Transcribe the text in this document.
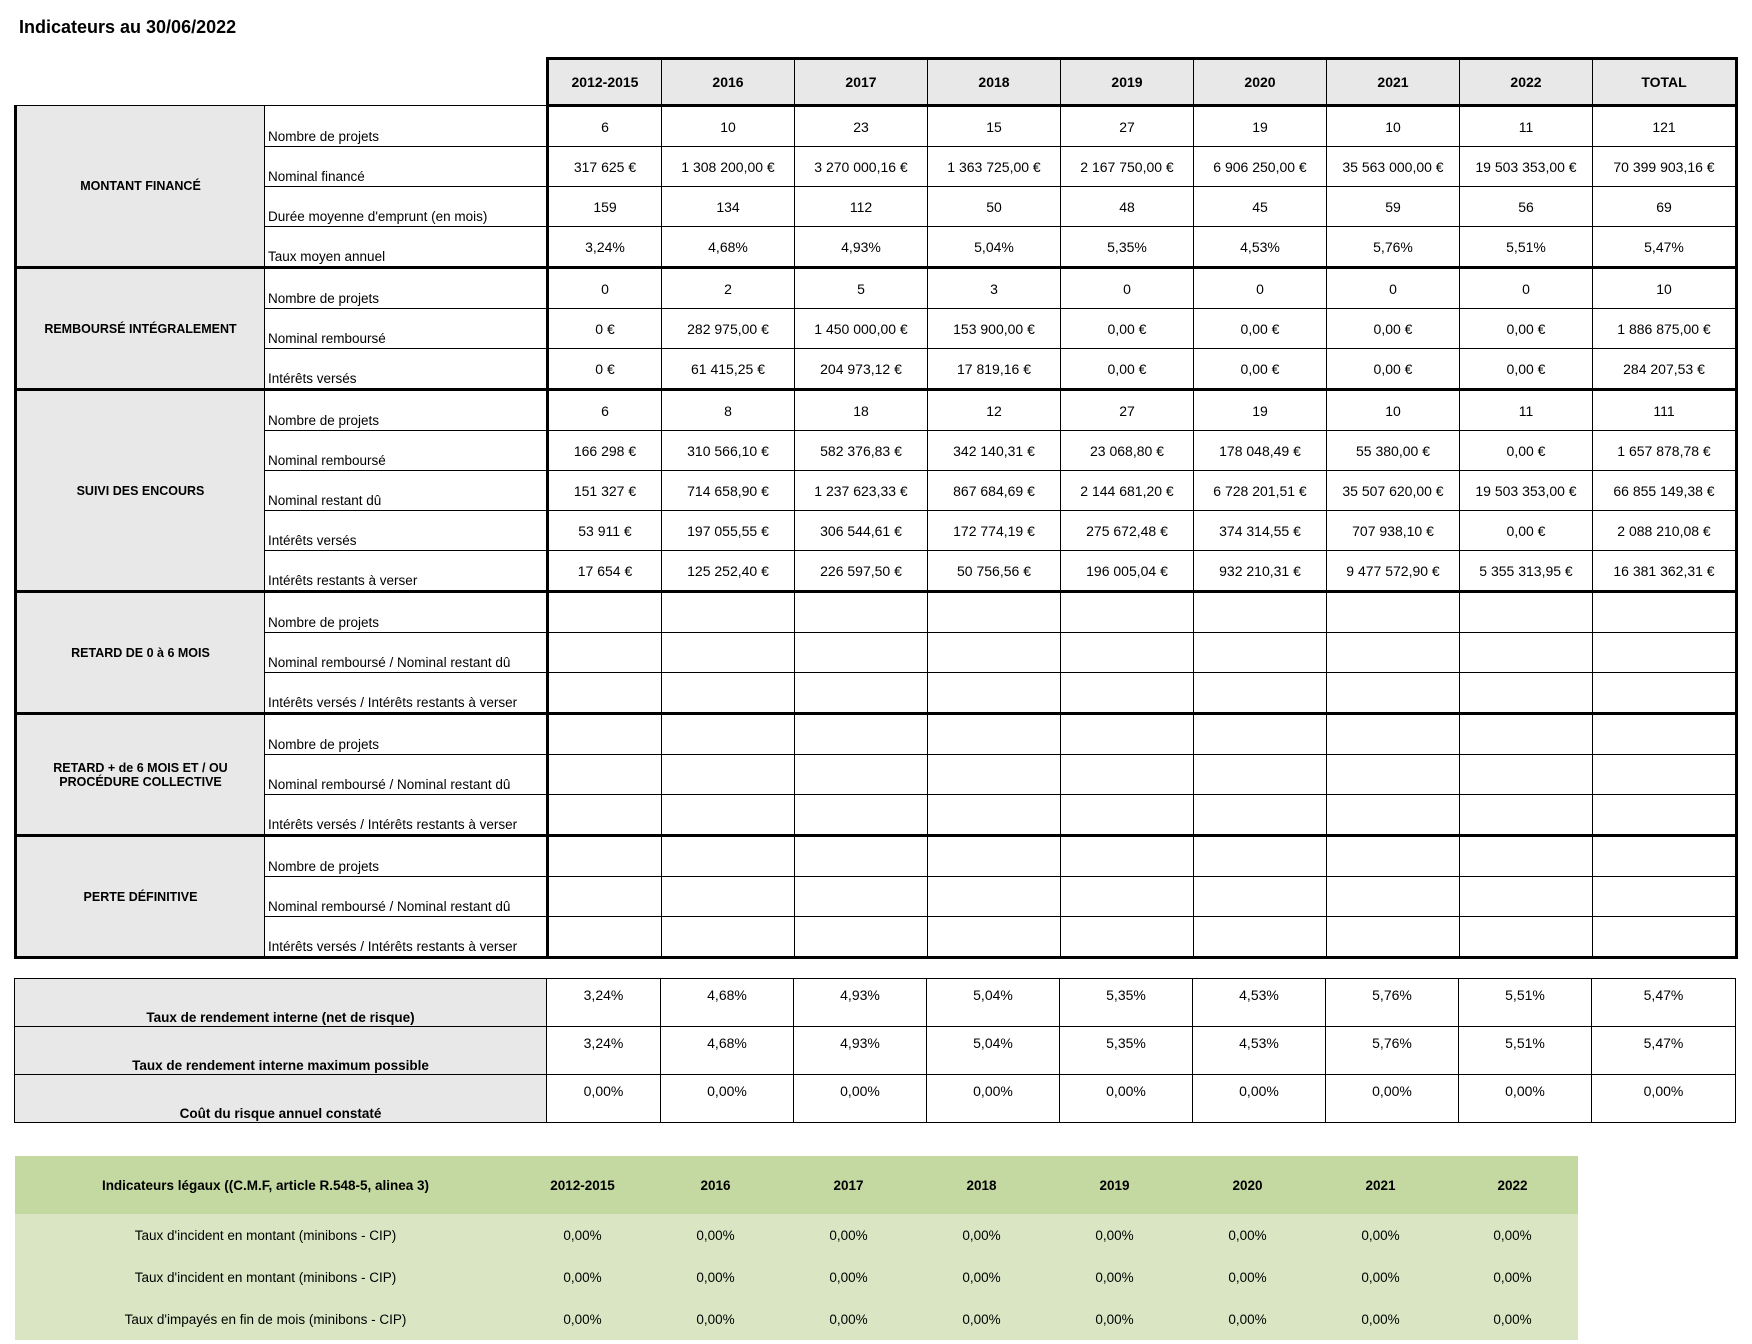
Indicateurs au 30/06/2022
		2012-2015	2016	2017	2018	2019	2020	2021	2022	TOTAL
MONTANT FINANCÉ	Nombre de projets	6	10	23	15	27	19	10	11	121
	Nominal financé	317 625 €	1 308 200,00 €	3 270 000,16 €	1 363 725,00 €	2 167 750,00 €	6 906 250,00 €	35 563 000,00 €	19 503 353,00 €	70 399 903,16 €
	Durée moyenne d'emprunt (en mois)	159	134	112	50	48	45	59	56	69
	Taux moyen annuel	3,24%	4,68%	4,93%	5,04%	5,35%	4,53%	5,76%	5,51%	5,47%
REMBOURSÉ INTÉGRALEMENT	Nombre de projets	0	2	5	3	0	0	0	0	10
	Nominal remboursé	0 €	282 975,00 €	1 450 000,00 €	153 900,00 €	0,00 €	0,00 €	0,00 €	0,00 €	1 886 875,00 €
	Intérêts versés	0 €	61 415,25 €	204 973,12 €	17 819,16 €	0,00 €	0,00 €	0,00 €	0,00 €	284 207,53 €
SUIVI DES ENCOURS	Nombre de projets	6	8	18	12	27	19	10	11	111
	Nominal remboursé	166 298 €	310 566,10 €	582 376,83 €	342 140,31 €	23 068,80 €	178 048,49 €	55 380,00 €	0,00 €	1 657 878,78 €
	Nominal restant dû	151 327 €	714 658,90 €	1 237 623,33 €	867 684,69 €	2 144 681,20 €	6 728 201,51 €	35 507 620,00 €	19 503 353,00 €	66 855 149,38 €
	Intérêts versés	53 911 €	197 055,55 €	306 544,61 €	172 774,19 €	275 672,48 €	374 314,55 €	707 938,10 €	0,00 €	2 088 210,08 €
	Intérêts restants à verser	17 654 €	125 252,40 €	226 597,50 €	50 756,56 €	196 005,04 €	932 210,31 €	9 477 572,90 €	5 355 313,95 €	16 381 362,31 €
RETARD DE 0 à 6 MOIS	Nombre de projets									
	Nominal remboursé / Nominal restant dû									
	Intérêts versés / Intérêts restants à verser									
RETARD + de 6 MOIS ET / OU PROCÉDURE COLLECTIVE	Nombre de projets									
	Nominal remboursé / Nominal restant dû									
	Intérêts versés / Intérêts restants à verser									
PERTE DÉFINITIVE	Nombre de projets									
	Nominal remboursé / Nominal restant dû									
	Intérêts versés / Intérêts restants à verser									
Taux de rendement interne (net de risque)	3,24%	4,68%	4,93%	5,04%	5,35%	4,53%	5,76%	5,51%	5,47%
Taux de rendement interne maximum possible	3,24%	4,68%	4,93%	5,04%	5,35%	4,53%	5,76%	5,51%	5,47%
Coût du risque annuel constaté	0,00%	0,00%	0,00%	0,00%	0,00%	0,00%	0,00%	0,00%	0,00%
Indicateurs légaux ((C.M.F, article R.548-5, alinea 3)	2012-2015	2016	2017	2018	2019	2020	2021	2022
Taux d'incident en montant (minibons - CIP)	0,00%	0,00%	0,00%	0,00%	0,00%	0,00%	0,00%	0,00%
Taux d'incident en montant (minibons - CIP)	0,00%	0,00%	0,00%	0,00%	0,00%	0,00%	0,00%	0,00%
Taux d'impayés en fin de mois (minibons - CIP)	0,00%	0,00%	0,00%	0,00%	0,00%	0,00%	0,00%	0,00%
